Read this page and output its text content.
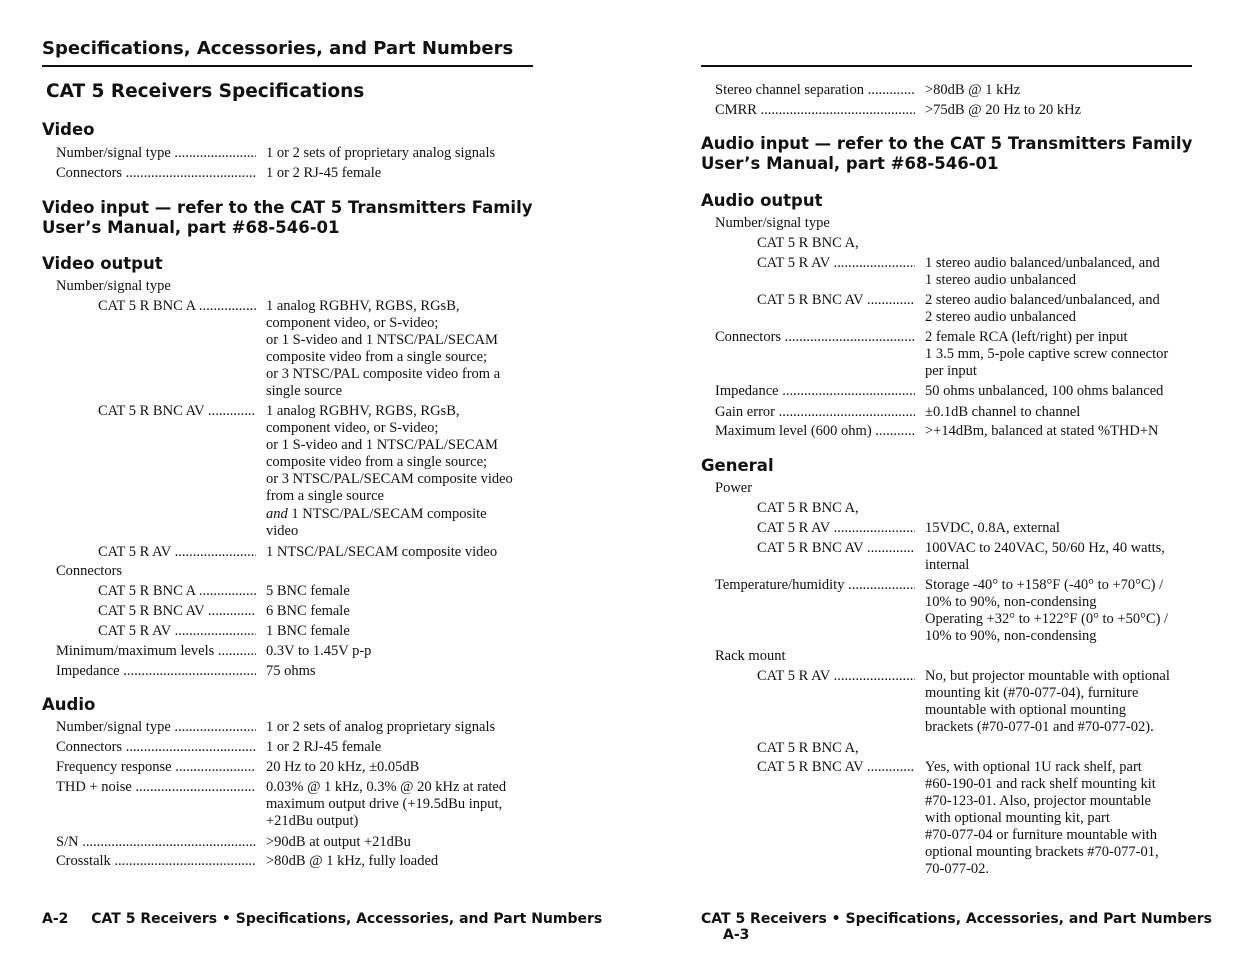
Specifications, Accessories, and Part Numbers
CAT 5 Receivers Specifications
Video
Number/signal type .....	1 or 2 sets of proprietary analog signals
Connectors .....	1 or 2 RJ-45 female
Video input — refer to the CAT 5 Transmitters Family
User’s Manual, part #68-546-01
Video output
Number/signal type
CAT 5 R BNC A .....	1 analog RGBHV, RGBS, RGsB,
component video, or S-video;
or 1 S-video and 1 NTSC/PAL/SECAM
composite video from a single source;
or 3 NTSC/PAL composite video from a
single source
CAT 5 R BNC AV .....	1 analog RGBHV, RGBS, RGsB,
component video, or S-video;
or 1 S-video and 1 NTSC/PAL/SECAM
composite video from a single source;
or 3 NTSC/PAL/SECAM composite video
from a single source
and 1 NTSC/PAL/SECAM composite
video
CAT 5 R AV .....	1 NTSC/PAL/SECAM composite video
Connectors
CAT 5 R BNC A .....	5 BNC female
CAT 5 R BNC AV .....	6 BNC female
CAT 5 R AV .....	1 BNC female
Minimum/maximum levels .....	0.3V to 1.45V p-p
Impedance .....	75 ohms
Audio
Number/signal type .....	1 or 2 sets of analog proprietary signals
Connectors .....	1 or 2 RJ-45 female
Frequency response .....	20 Hz to 20 kHz, ±0.05dB
THD + noise .....	0.03% @ 1 kHz, 0.3% @ 20 kHz at rated
maximum output drive (+19.5dBu input,
+21dBu output)
S/N .....	>90dB at output +21dBu
Crosstalk .....	>80dB @ 1 kHz, fully loaded
A-2 CAT 5 Receivers • Specifications, Accessories, and Part Numbers
Stereo channel separation .....	>80dB @ 1 kHz
CMRR .....	>75dB @ 20 Hz to 20 kHz
Audio input — refer to the CAT 5 Transmitters Family
User’s Manual, part #68-546-01
Audio output
Number/signal type
CAT 5 R BNC A,
CAT 5 R AV .....	1 stereo audio balanced/unbalanced, and
1 stereo audio unbalanced
CAT 5 R BNC AV .....	2 stereo audio balanced/unbalanced, and
2 stereo audio unbalanced
Connectors .....	2 female RCA (left/right) per input
1 3.5 mm, 5-pole captive screw connector
per input
Impedance .....	50 ohms unbalanced, 100 ohms balanced
Gain error .....	±0.1dB channel to channel
Maximum level (600 ohm) .....	>+14dBm, balanced at stated %THD+N
General
Power
CAT 5 R BNC A,
CAT 5 R AV .....	15VDC, 0.8A, external
CAT 5 R BNC AV .....	100VAC to 240VAC, 50/60 Hz, 40 watts,
internal
Temperature/humidity .....	Storage -40° to +158°F (-40° to +70°C) /
10% to 90%, non-condensing
Operating +32° to +122°F (0° to +50°C) /
10% to 90%, non-condensing
Rack mount
CAT 5 R AV .....	No, but projector mountable with optional
mounting kit (#70-077-04), furniture
mountable with optional mounting
brackets (#70-077-01 and #70-077-02).
CAT 5 R BNC A,
CAT 5 R BNC AV .....	Yes, with optional 1U rack shelf, part
#60-190-01 and rack shelf mounting kit
#70-123-01. Also, projector mountable
with optional mounting kit, part
#70-077-04 or furniture mountable with
optional mounting brackets #70-077-01,
70-077-02.
CAT 5 Receivers • Specifications, Accessories, and Part Numbers A-3
